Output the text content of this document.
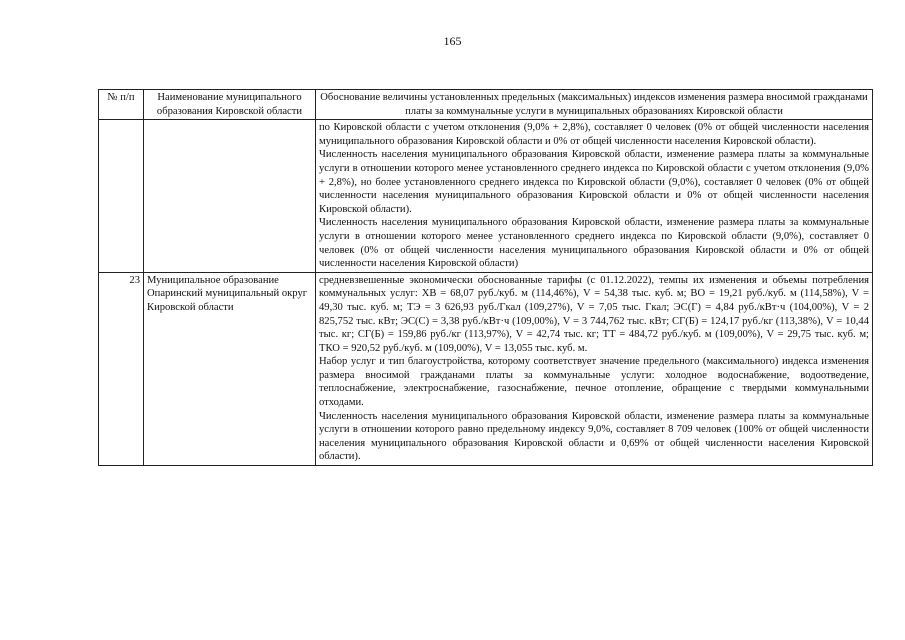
165
№ п/п	Наименование муниципального образования Кировской области	Обоснование величины установленных предельных (максимальных) индексов изменения размера вносимой гражданами платы за коммунальные услуги в муниципальных образованиях Кировской области

		по Кировской области с учетом отклонения (9,0% + 2,8%), составляет 0 человек (0% от общей численности населения муниципального образования Кировской области и 0% от общей численности населения Кировской области).

Численность населения муниципального образования Кировской области, изменение размера платы за коммунальные услуги в отношении которого менее установленного среднего индекса по Кировской области с учетом отклонения (9,0% + 2,8%), но более установленного среднего индекса по Кировской области (9,0%), составляет 0 человек (0% от общей численности населения муниципального образования Кировской области и 0% от общей численности населения Кировской области).

Численность населения муниципального образования Кировской области, изменение размера платы за коммунальные услуги в отношении которого менее установленного среднего индекса по Кировской области (9,0%), составляет 0 человек (0% от общей численности населения муниципального образования Кировской области и 0% от общей численности населения Кировской области)

23	Муниципальное образование Опаринский муниципальный округ Кировской области	средневзвешенные экономически обоснованные тарифы (с 01.12.2022), темпы их изменения и объемы потребления коммунальных услуг: ХВ = 68,07 руб./куб. м (114,46%), V = 54,38 тыс. куб. м; ВО = 19,21 руб./куб. м (114,58%), V = 49,30 тыс. куб. м; ТЭ = 3 626,93 руб./Гкал (109,27%), V = 7,05 тыс. Гкал; ЭС(Г) = 4,84 руб./кВт·ч (104,00%), V = 2 825,752 тыс. кВт; ЭС(С) = 3,38 руб./кВт·ч (109,00%), V = 3 744,762 тыс. кВт; СГ(Б) = 124,17 руб./кг (113,38%), V = 10,44 тыс. кг; СГ(Б) = 159,86 руб./кг (113,97%), V = 42,74 тыс. кг; ТТ = 484,72 руб./куб. м (109,00%), V = 29,75 тыс. куб. м; ТКО = 920,52 руб./куб. м (109,00%), V = 13,055 тыс. куб. м.

Набор услуг и тип благоустройства, которому соответствует значение предельного (максимального) индекса изменения размера вносимой гражданами платы за коммунальные услуги: холодное водоснабжение, водоотведение, теплоснабжение, электроснабжение, газоснабжение, печное отопление, обращение с твердыми коммунальными отходами.

Численность населения муниципального образования Кировской области, изменение размера платы за коммунальные услуги в отношении которого равно предельному индексу 9,0%, составляет 8 709 человек (100% от общей численности населения муниципального образования Кировской области и 0,69% от общей численности населения Кировской области).
